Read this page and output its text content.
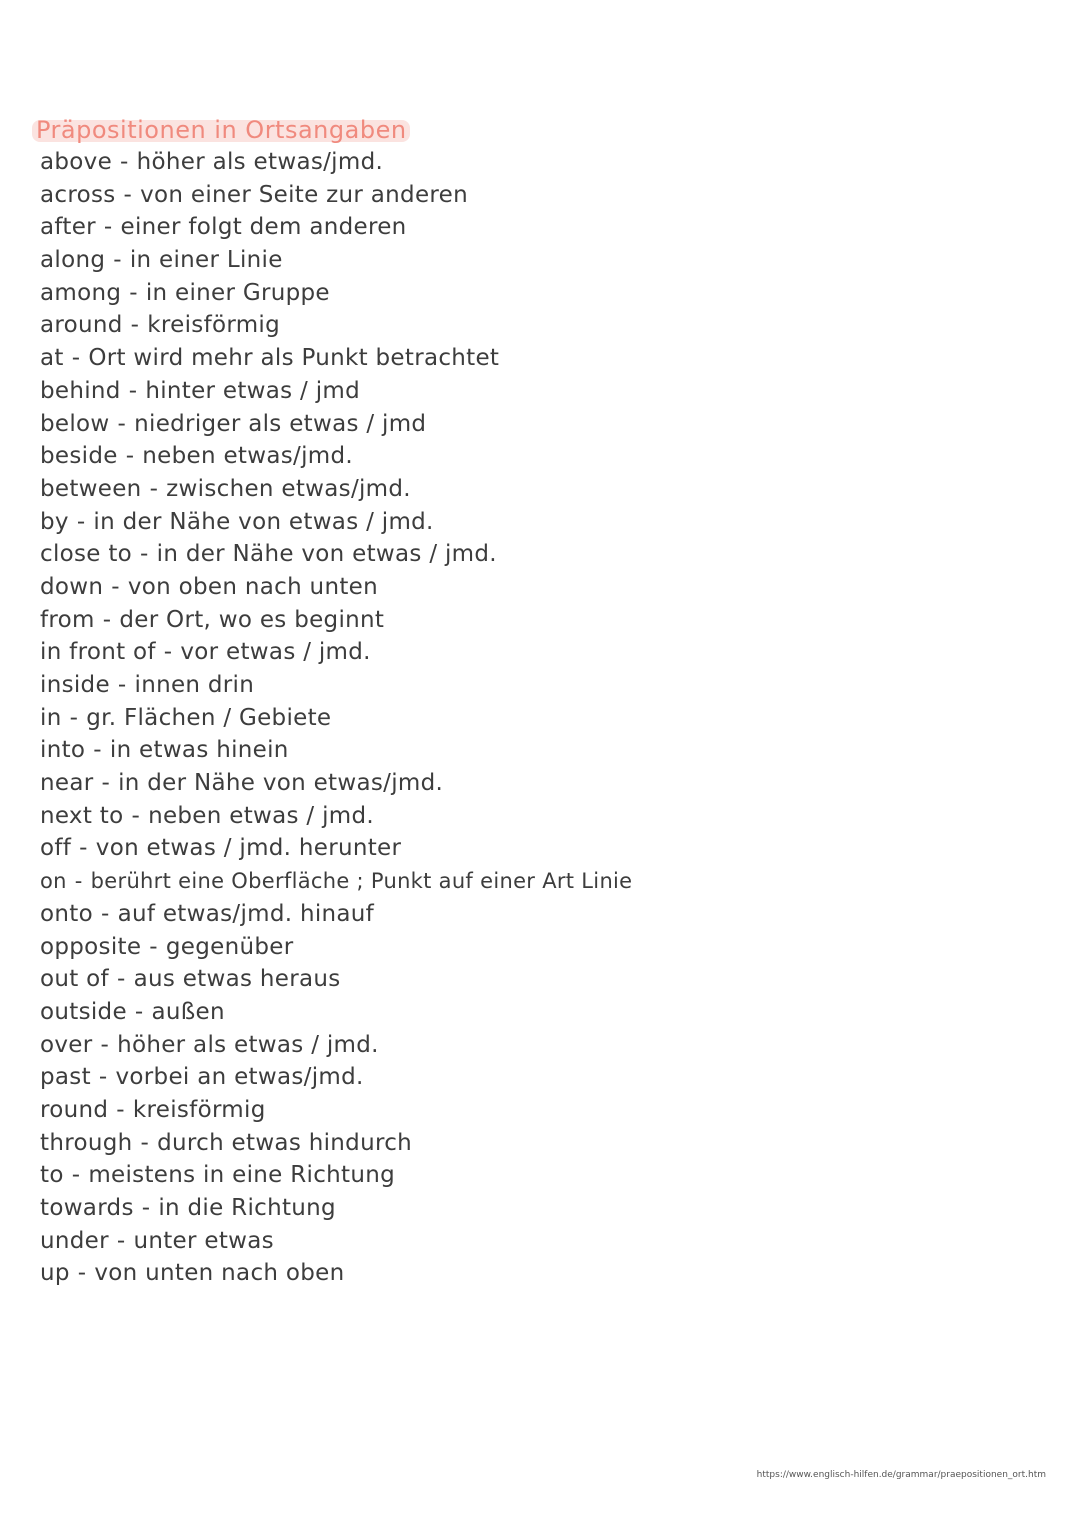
Präpositionen in Ortsangaben
above - höher als etwas/jmd.
across - von einer Seite zur anderen
after - einer folgt dem anderen
along - in einer Linie
among - in einer Gruppe
around - kreisförmig
at - Ort wird mehr als Punkt betrachtet
behind - hinter etwas / jmd
below - niedriger als etwas / jmd
beside - neben etwas/jmd.
between - zwischen etwas/jmd.
by - in der Nähe von etwas / jmd.
close to - in der Nähe von etwas / jmd.
down - von oben nach unten
from - der Ort, wo es beginnt
in front of - vor etwas / jmd.
inside - innen drin
in - gr. Flächen / Gebiete
into - in etwas hinein
near - in der Nähe von etwas/jmd.
next to - neben etwas / jmd.
off - von etwas / jmd. herunter
on - berührt eine Oberfläche ; Punkt auf einer Art Linie
onto - auf etwas/jmd. hinauf
opposite - gegenüber
out of - aus etwas heraus
outside - außen
over - höher als etwas / jmd.
past - vorbei an etwas/jmd.
round - kreisförmig
through - durch etwas hindurch
to - meistens in eine Richtung
towards - in die Richtung
under - unter etwas
up - von unten nach oben
https://www.englisch-hilfen.de/grammar/praepositionen_ort.htm
